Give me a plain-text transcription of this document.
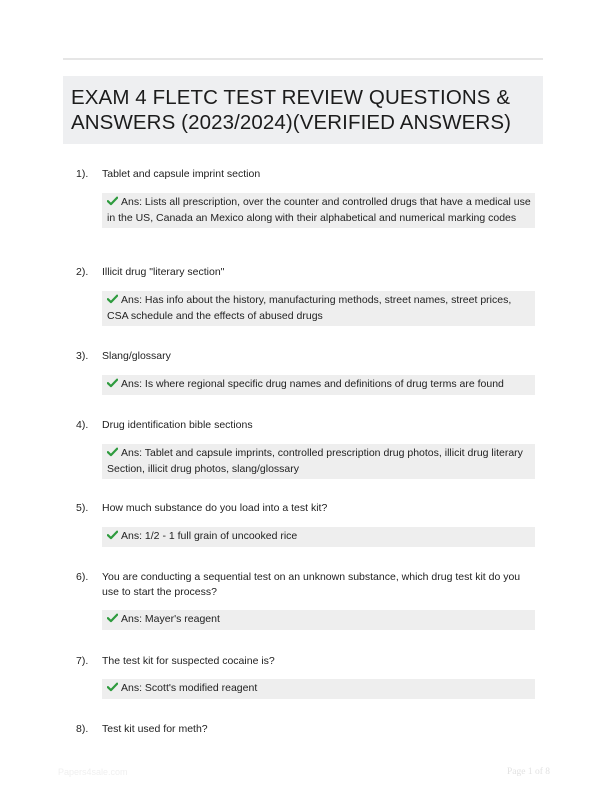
EXAM 4 FLETC TEST REVIEW QUESTIONS & ANSWERS (2023/2024)(VERIFIED ANSWERS)
1). Tablet and capsule imprint section
Ans: Lists all prescription, over the counter and controlled drugs that have a medical use in the US, Canada an Mexico along with their alphabetical and numerical marking codes
2). Illicit drug "literary section"
Ans: Has info about the history, manufacturing methods, street names, street prices, CSA schedule and the effects of abused drugs
3). Slang/glossary
Ans: Is where regional specific drug names and definitions of drug terms are found
4). Drug identification bible sections
Ans: Tablet and capsule imprints, controlled prescription drug photos, illicit drug literary Section, illicit drug photos, slang/glossary
5). How much substance do you load into a test kit?
Ans: 1/2 - 1 full grain of uncooked rice
6). You are conducting a sequential test on an unknown substance, which drug test kit do you use to start the process?
Ans: Mayer's reagent
7). The test kit for suspected cocaine is?
Ans: Scott's modified reagent
8). Test kit used for meth?
Papers4sale.com	Page 1 of 8
